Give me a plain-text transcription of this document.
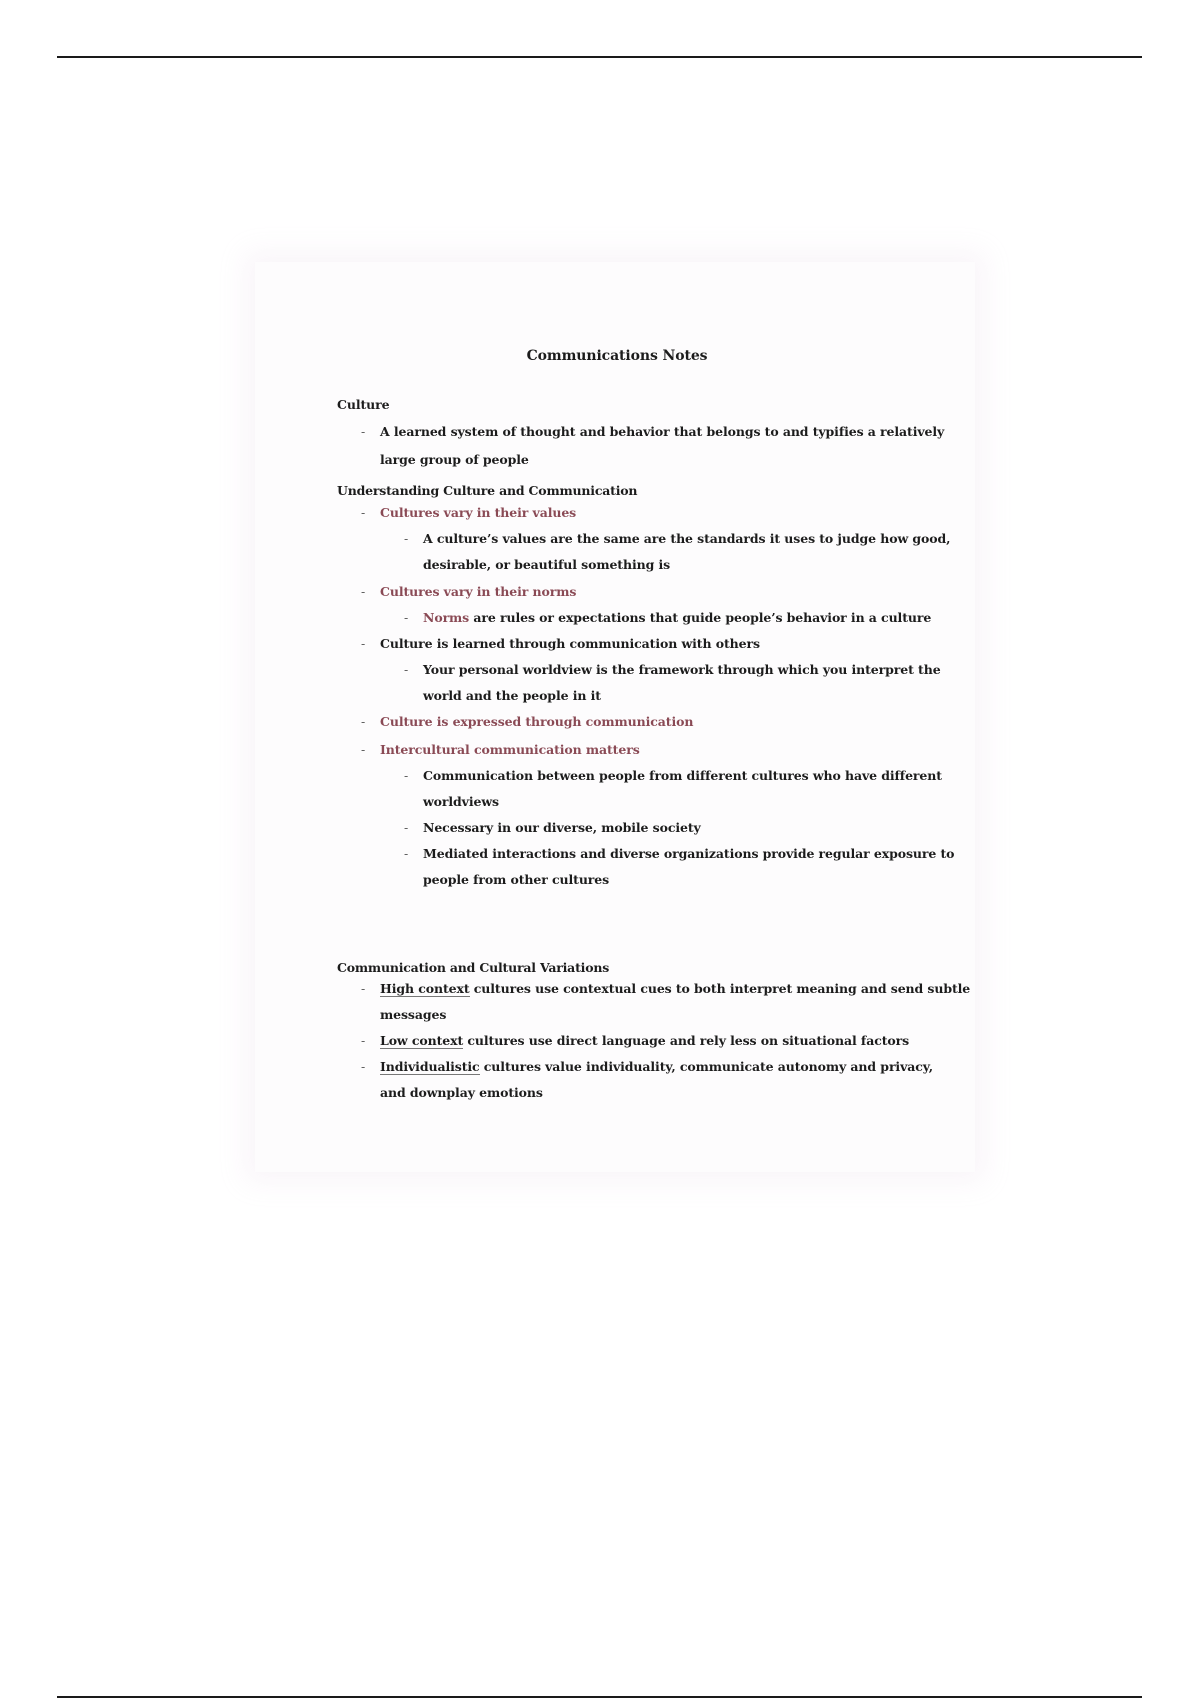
Communications Notes
Culture
- A learned system of thought and behavior that belongs to and typifies a relatively
large group of people
Understanding Culture and Communication
- Cultures vary in their values
- A culture’s values are the same are the standards it uses to judge how good,
desirable, or beautiful something is
- Cultures vary in their norms
- Norms are rules or expectations that guide people’s behavior in a culture
- Culture is learned through communication with others
- Your personal worldview is the framework through which you interpret the
world and the people in it
- Culture is expressed through communication
- Intercultural communication matters
- Communication between people from different cultures who have different
worldviews
- Necessary in our diverse, mobile society
- Mediated interactions and diverse organizations provide regular exposure to
people from other cultures
Communication and Cultural Variations
- High context cultures use contextual cues to both interpret meaning and send subtle
messages
- Low context cultures use direct language and rely less on situational factors
- Individualistic cultures value individuality, communicate autonomy and privacy,
and downplay emotions
